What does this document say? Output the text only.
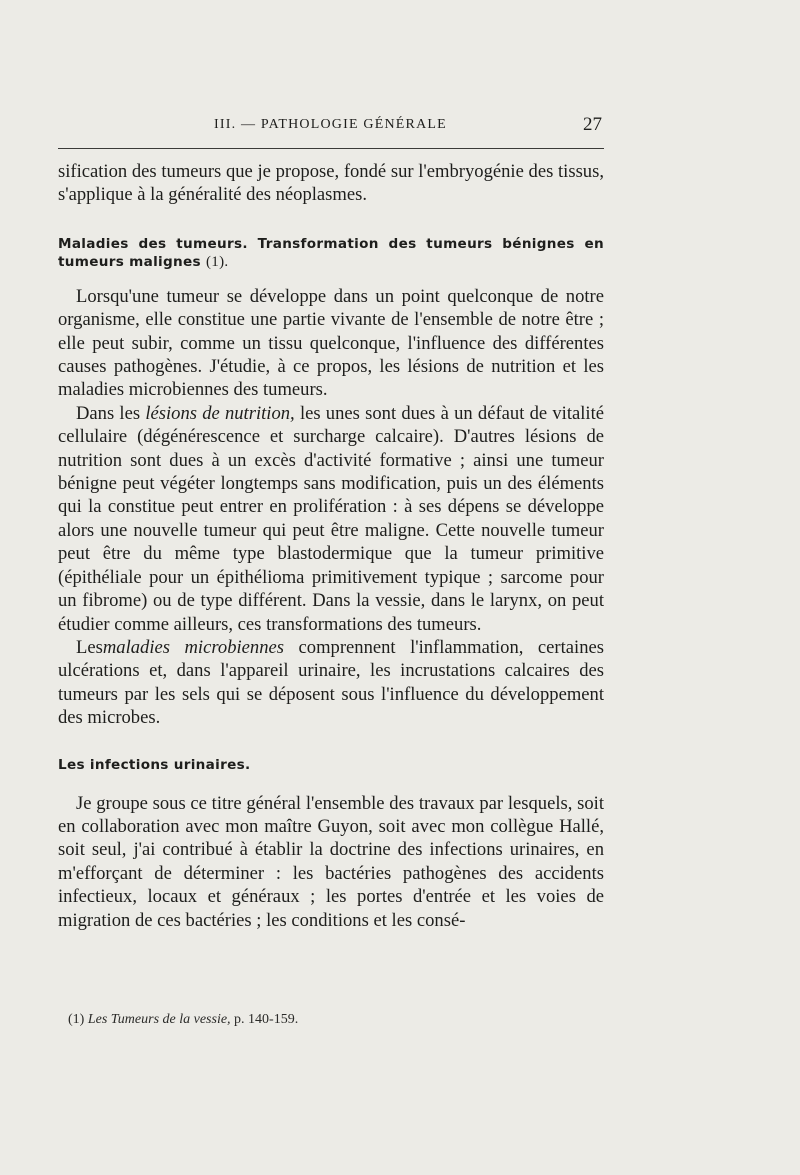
III. — PATHOLOGIE GÉNÉRALE	27

sification des tumeurs que je propose, fondé sur l'embryogénie des tissus, s'applique à la généralité des néoplasmes.

Maladies des tumeurs. Transformation des tumeurs bénignes en tumeurs malignes (1).

Lorsqu'une tumeur se développe dans un point quelconque de notre organisme, elle constitue une partie vivante de l'ensemble de notre être ; elle peut subir, comme un tissu quelconque, l'influence des différentes causes pathogènes. J'étudie, à ce propos, les lésions de nutrition et les maladies microbiennes des tumeurs.

Dans les lésions de nutrition, les unes sont dues à un défaut de vitalité cellulaire (dégénérescence et surcharge calcaire). D'autres lésions de nutrition sont dues à un excès d'activité formative ; ainsi une tumeur bénigne peut végéter longtemps sans modification, puis un des éléments qui la constitue peut entrer en prolifération : à ses dépens se développe alors une nouvelle tumeur qui peut être maligne. Cette nouvelle tumeur peut être du même type blastodermique que la tumeur primitive (épithéliale pour un épithélioma primitivement typique ; sarcome pour un fibrome) ou de type différent. Dans la vessie, dans le larynx, on peut étudier comme ailleurs, ces transformations des tumeurs.

Lesmaladies microbiennes comprennent l'inflammation, certaines ulcérations et, dans l'appareil urinaire, les incrustations calcaires des tumeurs par les sels qui se déposent sous l'influence du développement des microbes.

Les infections urinaires.

Je groupe sous ce titre général l'ensemble des travaux par lesquels, soit en collaboration avec mon maître Guyon, soit avec mon collègue Hallé, soit seul, j'ai contribué à établir la doctrine des infections urinaires, en m'efforçant de déterminer : les bactéries pathogènes des accidents infectieux, locaux et généraux ; les portes d'entrée et les voies de migration de ces bactéries ; les conditions et les consé-

(1) Les Tumeurs de la vessie, p. 140-159.
